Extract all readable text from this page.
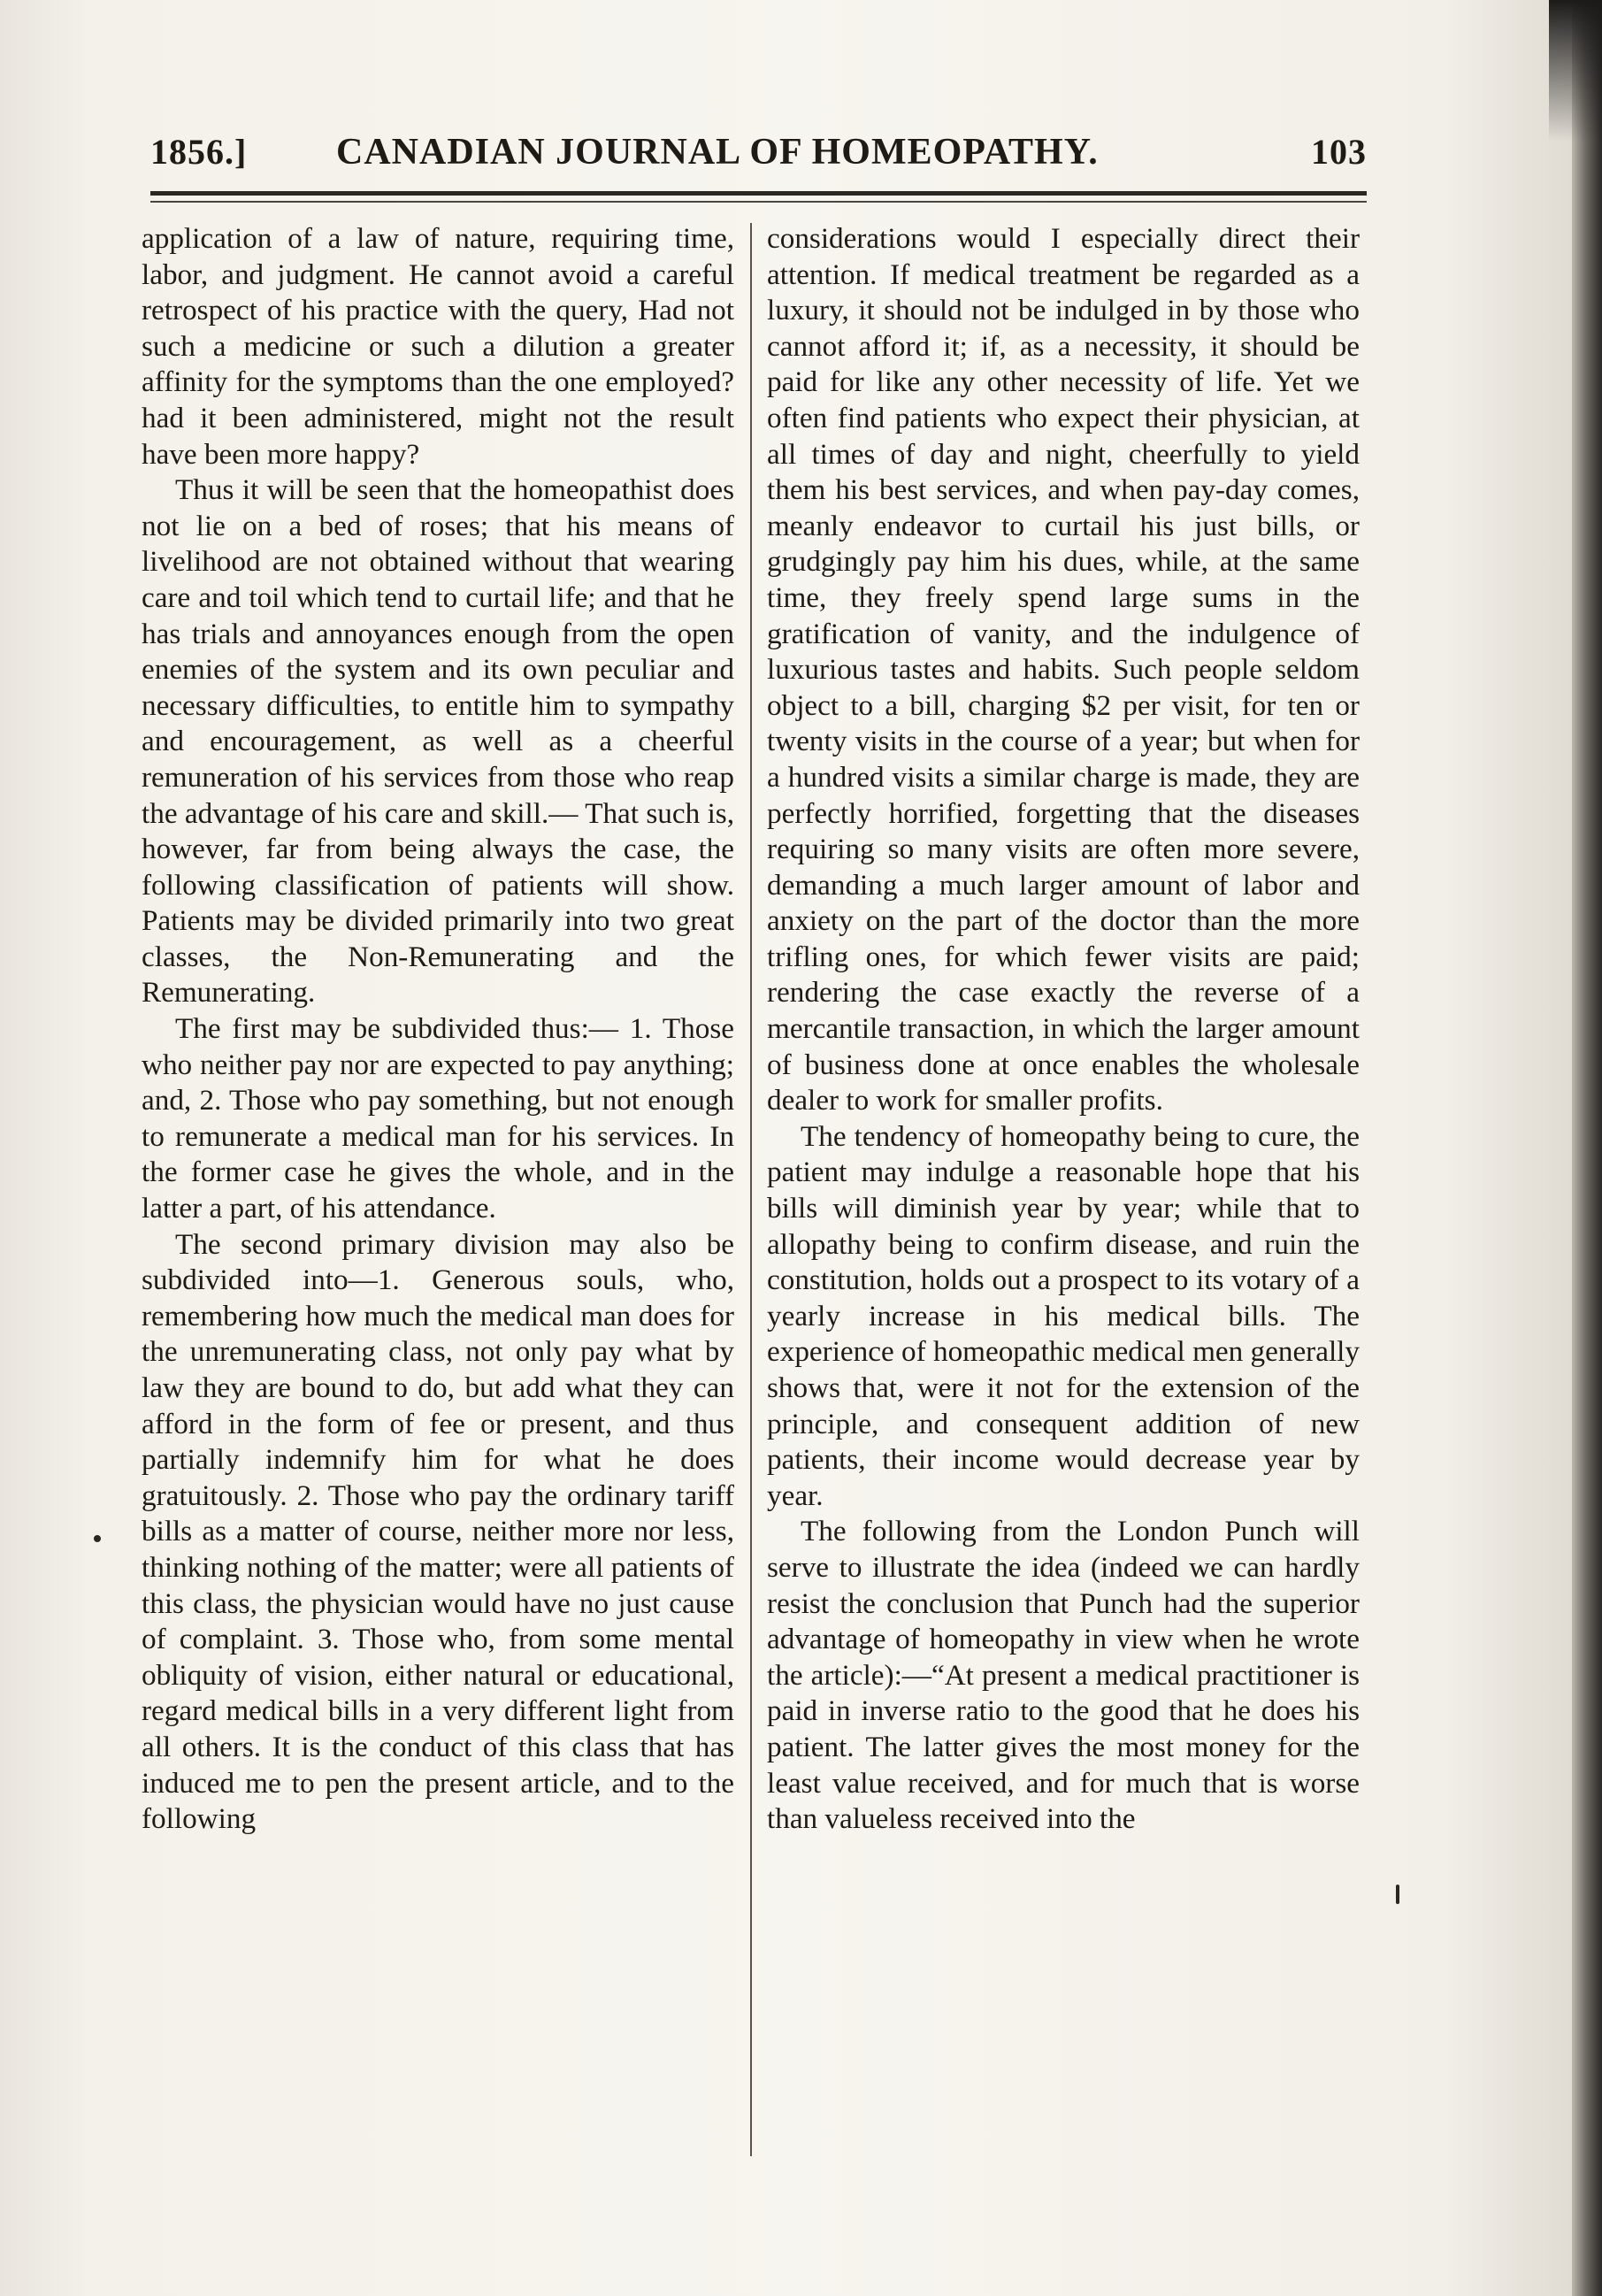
1856.] CANADIAN JOURNAL OF HOMEOPATHY.	103

application of a law of nature, requiring time, labor, and judgment. He cannot avoid a careful retrospect of his practice with the query, Had not such a medicine or such a dilution a greater affinity for the symptoms than the one employed? had it been administered, might not the result have been more happy?

Thus it will be seen that the homeopathist does not lie on a bed of roses; that his means of livelihood are not obtained without that wearing care and toil which tend to curtail life; and that he has trials and annoyances enough from the open enemies of the system and its own peculiar and necessary difficulties, to entitle him to sympathy and encouragement, as well as a cheerful remuneration of his services from those who reap the advantage of his care and skill.— That such is, however, far from being always the case, the following classification of patients will show. Patients may be divided primarily into two great classes, the Non-Remunerating and the Remunerating.

The first may be subdivided thus:— 1. Those who neither pay nor are expected to pay anything; and, 2. Those who pay something, but not enough to remunerate a medical man for his services. In the former case he gives the whole, and in the latter a part, of his attendance.

The second primary division may also be subdivided into—1. Generous souls, who, remembering how much the medical man does for the unremunerating class, not only pay what by law they are bound to do, but add what they can afford in the form of fee or present, and thus partially indemnify him for what he does gratuitously. 2. Those who pay the ordinary tariff bills as a matter of course, neither more nor less, thinking nothing of the matter; were all patients of this class, the physician would have no just cause of complaint. 3. Those who, from some mental obliquity of vision, either natural or educational, regard medical bills in a very different light from all others. It is the conduct of this class that has induced me to pen the present article, and to the following

considerations would I especially direct their attention. If medical treatment be regarded as a luxury, it should not be indulged in by those who cannot afford it; if, as a necessity, it should be paid for like any other necessity of life. Yet we often find patients who expect their physician, at all times of day and night, cheerfully to yield them his best services, and when pay-day comes, meanly endeavor to curtail his just bills, or grudgingly pay him his dues, while, at the same time, they freely spend large sums in the gratification of vanity, and the indulgence of luxurious tastes and habits. Such people seldom object to a bill, charging $2 per visit, for ten or twenty visits in the course of a year; but when for a hundred visits a similar charge is made, they are perfectly horrified, forgetting that the diseases requiring so many visits are often more severe, demanding a much larger amount of labor and anxiety on the part of the doctor than the more trifling ones, for which fewer visits are paid; rendering the case exactly the reverse of a mercantile transaction, in which the larger amount of business done at once enables the wholesale dealer to work for smaller profits.

The tendency of homeopathy being to cure, the patient may indulge a reasonable hope that his bills will diminish year by year; while that to allopathy being to confirm disease, and ruin the constitution, holds out a prospect to its votary of a yearly increase in his medical bills. The experience of homeopathic medical men generally shows that, were it not for the extension of the principle, and consequent addition of new patients, their income would decrease year by year.

The following from the London Punch will serve to illustrate the idea (indeed we can hardly resist the conclusion that Punch had the superior advantage of homeopathy in view when he wrote the article):—“At present a medical practitioner is paid in inverse ratio to the good that he does his patient. The latter gives the most money for the least value received, and for much that is worse than valueless received into the
